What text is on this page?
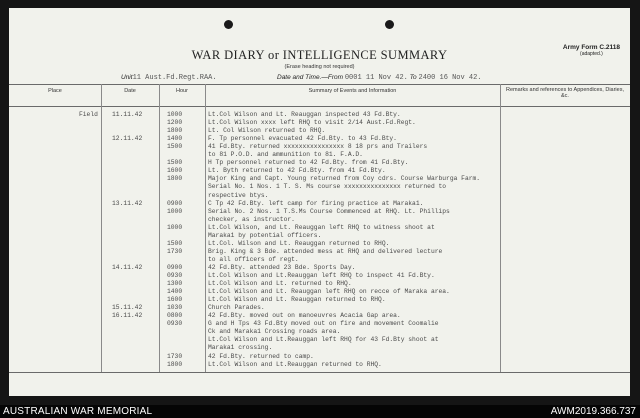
WAR DIARY or INTELLIGENCE SUMMARY
(Erase heading not required)
Army Form C.2118
(adapted.)
Unit11 Aust.Fd.Regt.RAA.	Date and Time.—From 0001 11 Nov 42. To 2400 16 Nov 42.
Place	Date	Hour	Summary of Events and Information	Remarks and references to Appendices, Diaries, &c.
Field 11.11.42	1000	Lt.Col Wilson and Lt. Reauggan inspected 43 Fd.Bty.
1200	Lt.Col Wilson xxxx left RHQ to visit 2/14 Aust.Fd.Regt.
1800	Lt. Col Wilson returned to RHQ.
12.11.42	1400	F. Tp personnel evacuated 42 Fd.Bty. to 43 Fd.Bty.
1500	41 Fd.Bty. returned xxxxxxxxxxxxxxxx 8 18 prs and Trailers
to 81 P.O.D. and ammunition to 81. F.A.D.
1500	H Tp personnel returned to 42 Fd.Bty. from 41 Fd.Bty.
1600	Lt. Byth returned to 42 Fd.Bty. from 41 Fd.Bty.
1800	Major King and Capt. Young returned from Coy cdrs. Course Warburga Farm.
Serial No. 1 Nos. 1 T. S. Ms course xxxxxxxxxxxxxxx returned to
respective btys.
13.11.42	0900	C Tp 42 Fd.Bty. left camp for firing practice at Maraka1.
1000	Serial No. 2 Nos. 1 T.S.Ms Course Commenced at RHQ. Lt. Phillips
checker, as instructor.
1000	Lt.Col Wilson, and Lt. Reauggan left RHQ to witness shoot at
Maraka1 by potential officers.
1500	Lt.Col. Wilson and Lt. Reauggan returned to RHQ.
1730	Brig. King & 3 Bde. attended mess at RHQ and delivered lecture
to all officers of regt.
14.11.42	0900	42 Fd.Bty. attended 23 Bde. Sports Day.
0930	Lt.Col Wilson and Lt.Reauggan left RHQ to inspect 41 Fd.Bty.
1300	Lt.Col Wilson and Lt. returned to RHQ.
1400	Lt.Col Wilson and Lt. Reauggan left RHQ on recce of Maraka area.
1600	Lt.Col Wilson and Lt. Reauggan returned to RHQ.
15.11.42	1030	Church Parades.
16.11.42	0800	42 Fd.Bty. moved out on manoeuvres Acacia Gap area.
0930	G and H Tps 43 Fd.Bty moved out on fire and movement Coomalie
Ck and Maraka1 Crossing roads area.
Lt.Col Wilson and Lt.Reauggan left RHQ for 43 Fd.Bty shoot at
Maraka1 crossing.
1730	42 Fd.Bty. returned to camp.
1800	Lt.Col Wilson and Lt.Reauggan returned to RHQ.
AUSTRALIAN WAR MEMORIAL	AWM2019.366.737
